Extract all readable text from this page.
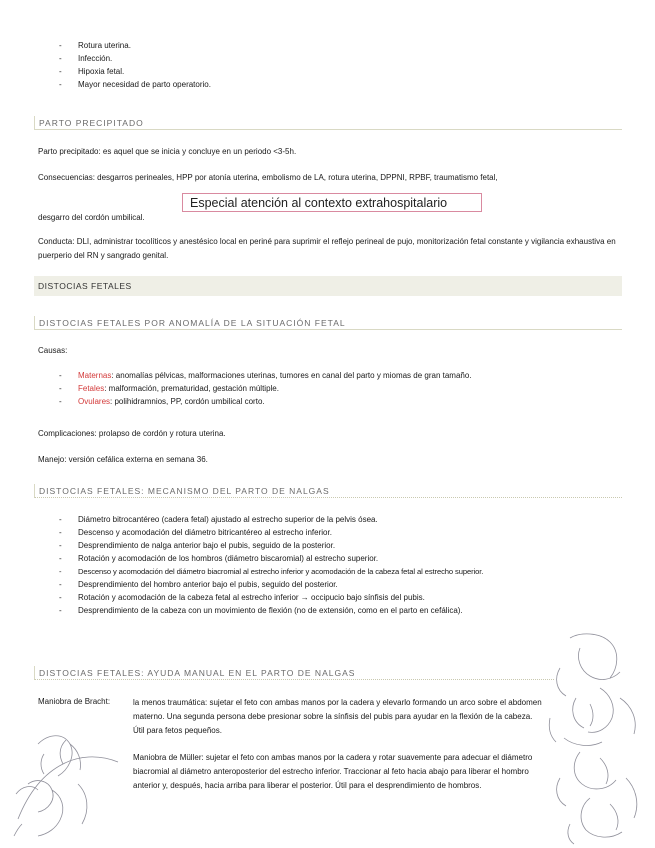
- Rotura uterina.
- Infección.
- Hipoxia fetal.
- Mayor necesidad de parto operatorio.
PARTO PRECIPITADO
Parto precipitado: es aquel que se inicia y concluye en un periodo <3-5h.
Consecuencias: desgarros perineales, HPP por atonía uterina, embolismo de LA, rotura uterina, DPPNI, RPBF, traumatismo fetal,
Especial atención al contexto extrahospitalario
desgarro del cordón umbilical.
Conducta: DLI, administrar tocolíticos y anestésico local en periné para suprimir el reflejo perineal de pujo, monitorización fetal constante y vigilancia exhaustiva en puerperio del RN y sangrado genital.
DISTOCIAS FETALES
DISTOCIAS FETALES POR ANOMALÍA DE LA SITUACIÓN FETAL
Causas:
- Maternas: anomalías pélvicas, malformaciones uterinas, tumores en canal del parto y miomas de gran tamaño.
- Fetales: malformación, prematuridad, gestación múltiple.
- Ovulares: polihidramnios, PP, cordón umbilical corto.
Complicaciones: prolapso de cordón y rotura uterina.
Manejo: versión cefálica externa en semana 36.
DISTOCIAS FETALES: MECANISMO DEL PARTO DE NALGAS
- Diámetro bitrocantéreo (cadera fetal) ajustado al estrecho superior de la pelvis ósea.
- Descenso y acomodación del diámetro bitricantéreo al estrecho inferior.
- Desprendimiento de nalga anterior bajo el pubis, seguido de la posterior.
- Rotación y acomodación de los hombros (diámetro biscaromial) al estrecho superior.
- Descenso y acomodación del diámetro biacromial al estrecho inferior y acomodación de la cabeza fetal al estrecho superior.
- Desprendimiento del hombro anterior bajo el pubis, seguido del posterior.
- Rotación y acomodación de la cabeza fetal al estrecho inferior → occipucio bajo sínfisis del pubis.
- Desprendimiento de la cabeza con un movimiento de flexión (no de extensión, como en el parto en cefálica).
DISTOCIAS FETALES: AYUDA MANUAL EN EL PARTO DE NALGAS
Maniobra de Bracht:	la menos traumática: sujetar el feto con ambas manos por la cadera y elevarlo formando un arco sobre el abdomen materno. Una segunda persona debe presionar sobre la sínfisis del pubis para ayudar en la flexión de la cabeza. Útil para fetos pequeños.
Maniobra de Müller: sujetar el feto con ambas manos por la cadera y rotar suavemente para adecuar el diámetro biacromial al diámetro anteroposterior del estrecho inferior. Traccionar al feto hacia abajo para liberar el hombro anterior y, después, hacia arriba para liberar el posterior. Útil para el desprendimiento de hombros.
